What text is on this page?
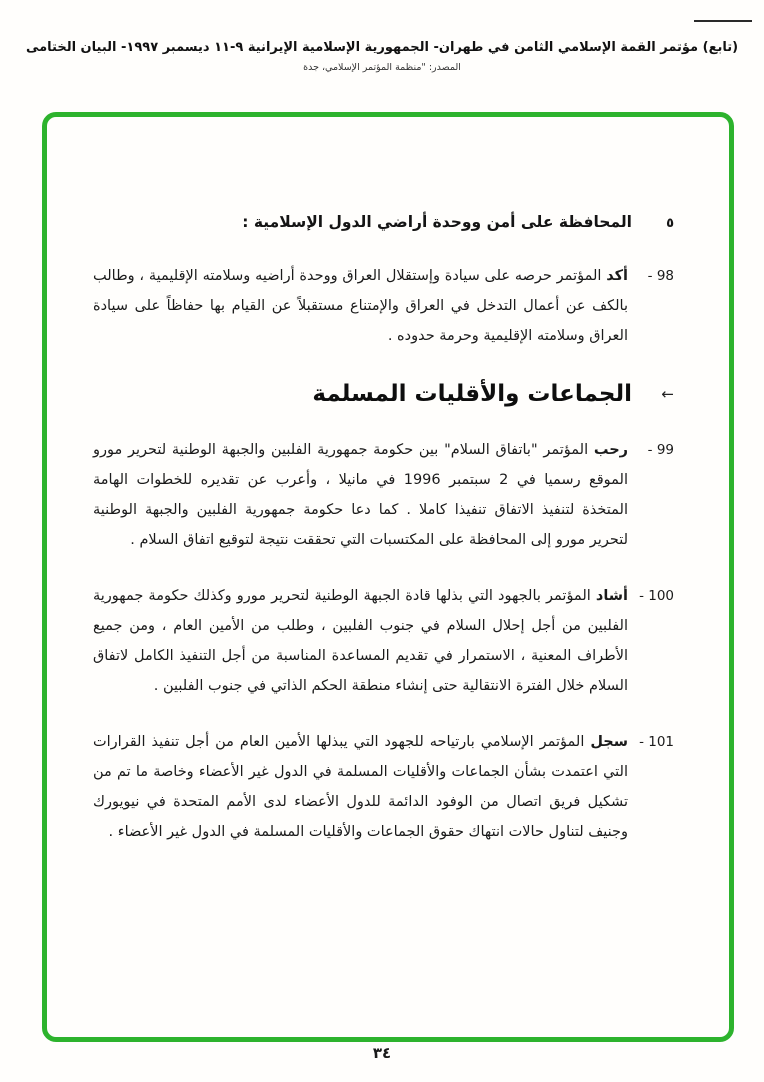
(تابع) مؤتمر القمة الإسلامي الثامن في طهران- الجمهورية الإسلامية الإيرانية ٩-١١ ديسمبر ١٩٩٧- البيان الختامى
المصدر: "منظمة المؤتمر الإسلامي، جدة
٥
المحافظة على أمن ووحدة أراضي الدول الإسلامية :
- 98
أكد المؤتمر حرصه على سيادة وإستقلال العراق ووحدة أراضيه وسلامته الإقليمية ، وطالب بالكف عن أعمال التدخل في العراق والإمتناع مستقبلاً عن القيام بها حفاظاً على سيادة العراق وسلامته الإقليمية وحرمة حدوده .
←
الجماعات والأقليات المسلمة
- 99
رحب المؤتمر "باتفاق السلام" بين حكومة جمهورية الفلبين والجبهة الوطنية لتحرير مورو الموقع رسميا في 2 سبتمبر 1996 في مانيلا ، وأعرب عن تقديره للخطوات الهامة المتخذة لتنفيذ الاتفاق تنفيذا كاملا . كما دعا حكومة جمهورية الفلبين والجبهة الوطنية لتحرير مورو إلى المحافظة على المكتسبات التي تحققت نتيجة لتوقيع اتفاق السلام .
- 100
أشاد المؤتمر بالجهود التي بذلها قادة الجبهة الوطنية لتحرير مورو وكذلك حكومة جمهورية الفلبين من أجل إحلال السلام في جنوب الفلبين ، وطلب من الأمين العام ، ومن جميع الأطراف المعنية ، الاستمرار في تقديم المساعدة المناسبة من أجل التنفيذ الكامل لاتفاق السلام خلال الفترة الانتقالية حتى إنشاء منطقة الحكم الذاتي في جنوب الفلبين .
- 101
سجل المؤتمر الإسلامي بارتياحه للجهود التي يبذلها الأمين العام من أجل تنفيذ القرارات التي اعتمدت بشأن الجماعات والأقليات المسلمة في الدول غير الأعضاء وخاصة ما تم من تشكيل فريق اتصال من الوفود الدائمة للدول الأعضاء لدى الأمم المتحدة في نيويورك وجنيف لتناول حالات انتهاك حقوق الجماعات والأقليات المسلمة في الدول غير الأعضاء .
٣٤
